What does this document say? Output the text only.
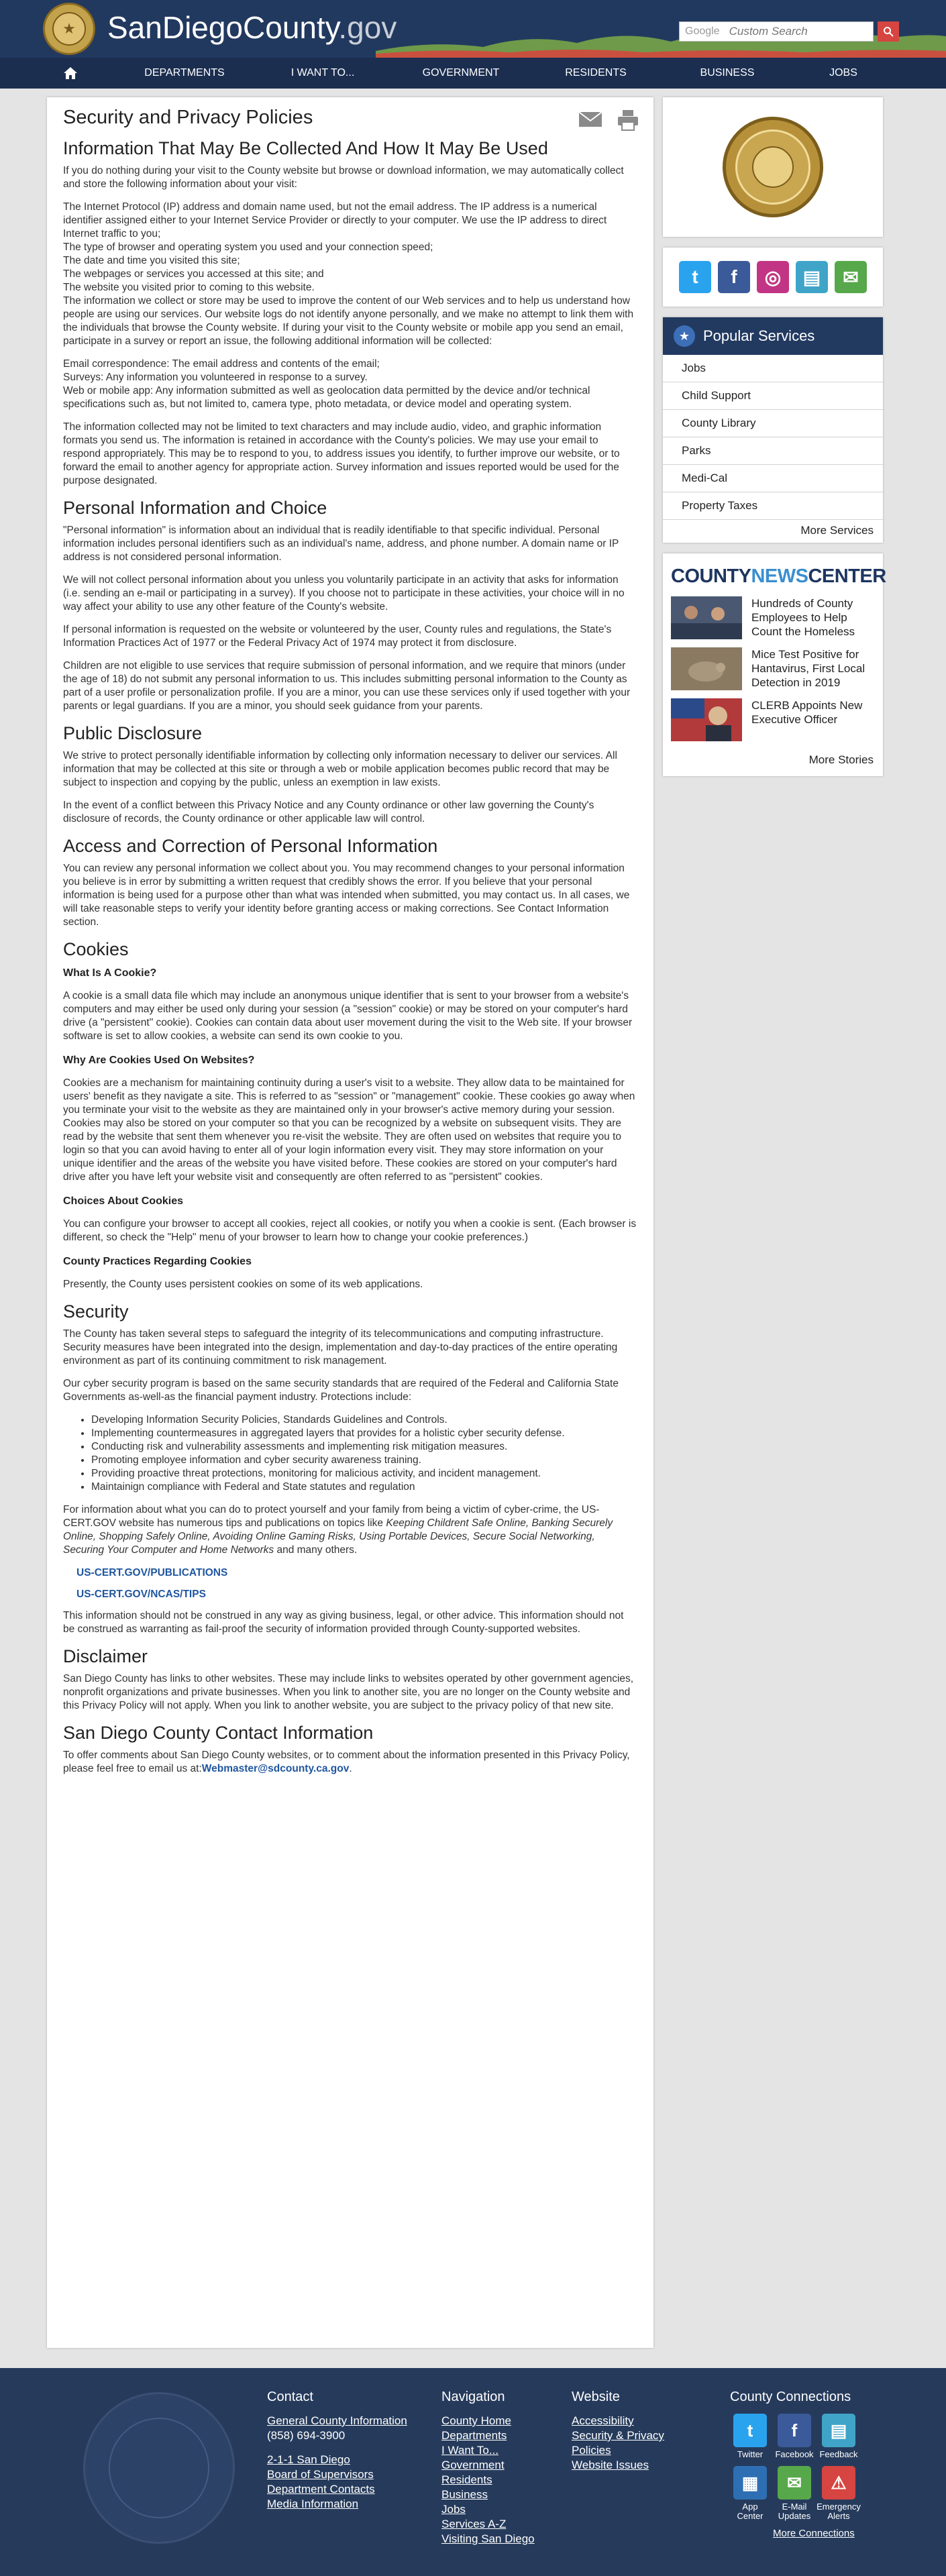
★	SanDiegoCounty.gov	Google
Custom Search
DEPARTMENTS	I WANT TO...	GOVERNMENT	RESIDENTS	BUSINESS	JOBS
Security and Privacy Policies
Information That May Be Collected And How It May Be Used

If you do nothing during your visit to the County website but browse or download information, we may automatically collect and store the following information about your visit:

The Internet Protocol (IP) address and domain name used, but not the email address. The IP address is a numerical identifier assigned either to your Internet Service Provider or directly to your computer. We use the IP address to direct Internet traffic to you;
The type of browser and operating system you used and your connection speed;
The date and time you visited this site;
The webpages or services you accessed at this site; and
The website you visited prior to coming to this website.
The information we collect or store may be used to improve the content of our Web services and to help us understand how people are using our services. Our website logs do not identify anyone personally, and we make no attempt to link them with the individuals that browse the County website. If during your visit to the County website or mobile app you send an email, participate in a survey or report an issue, the following additional information will be collected:

Email correspondence: The email address and contents of the email;
Surveys: Any information you volunteered in response to a survey.
Web or mobile app: Any information submitted as well as geolocation data permitted by the device and/or technical specifications such as, but not limited to, camera type, photo metadata, or device model and operating system.

The information collected may not be limited to text characters and may include audio, video, and graphic information formats you send us. The information is retained in accordance with the County's policies. We may use your email to respond appropriately. This may be to respond to you, to address issues you identify, to further improve our website, or to forward the email to another agency for appropriate action. Survey information and issues reported would be used for the purpose designated.

Personal Information and Choice

"Personal information" is information about an individual that is readily identifiable to that specific individual. Personal information includes personal identifiers such as an individual's name, address, and phone number. A domain name or IP address is not considered personal information.

We will not collect personal information about you unless you voluntarily participate in an activity that asks for information (i.e. sending an e-mail or participating in a survey). If you choose not to participate in these activities, your choice will in no way affect your ability to use any other feature of the County's website.

If personal information is requested on the website or volunteered by the user, County rules and regulations, the State's Information Practices Act of 1977 or the Federal Privacy Act of 1974 may protect it from disclosure.

Children are not eligible to use services that require submission of personal information, and we require that minors (under the age of 18) do not submit any personal information to us. This includes submitting personal information to the County as part of a user profile or personalization profile. If you are a minor, you can use these services only if used together with your parents or legal guardians. If you are a minor, you should seek guidance from your parents.

Public Disclosure

We strive to protect personally identifiable information by collecting only information necessary to deliver our services. All information that may be collected at this site or through a web or mobile application becomes public record that may be subject to inspection and copying by the public, unless an exemption in law exists.

In the event of a conflict between this Privacy Notice and any County ordinance or other law governing the County's disclosure of records, the County ordinance or other applicable law will control.

Access and Correction of Personal Information

You can review any personal information we collect about you. You may recommend changes to your personal information you believe is in error by submitting a written request that credibly shows the error. If you believe that your personal information is being used for a purpose other than what was intended when submitted, you may contact us. In all cases, we will take reasonable steps to verify your identity before granting access or making corrections. See Contact Information section.

Cookies
What Is A Cookie?

A cookie is a small data file which may include an anonymous unique identifier that is sent to your browser from a website's computers and may either be used only during your session (a "session" cookie) or may be stored on your computer's hard drive (a "persistent" cookie). Cookies can contain data about user movement during the visit to the Web site. If your browser software is set to allow cookies, a website can send its own cookie to you.

Why Are Cookies Used On Websites?

Cookies are a mechanism for maintaining continuity during a user's visit to a website. They allow data to be maintained for users' benefit as they navigate a site. This is referred to as "session" or "management" cookie. These cookies go away when you terminate your visit to the website as they are maintained only in your browser's active memory during your session. Cookies may also be stored on your computer so that you can be recognized by a website on subsequent visits. They are read by the website that sent them whenever you re-visit the website. They are often used on websites that require you to login so that you can avoid having to enter all of your login information every visit. They may store information on your unique identifier and the areas of the website you have visited before. These cookies are stored on your computer's hard drive after you have left your website visit and consequently are often referred to as "persistent" cookies.

Choices About Cookies

You can configure your browser to accept all cookies, reject all cookies, or notify you when a cookie is sent. (Each browser is different, so check the "Help" menu of your browser to learn how to change your cookie preferences.)

County Practices Regarding Cookies

Presently, the County uses persistent cookies on some of its web applications.

Security

The County has taken several steps to safeguard the integrity of its telecommunications and computing infrastructure. Security measures have been integrated into the design, implementation and day-to-day practices of the entire operating environment as part of its continuing commitment to risk management.

Our cyber security program is based on the same security standards that are required of the Federal and California State Governments as-well-as the financial payment industry. Protections include:

• Developing Information Security Policies, Standards Guidelines and Controls.
• Implementing countermeasures in aggregated layers that provides for a holistic cyber security defense.
• Conducting risk and vulnerability assessments and implementing risk mitigation measures.
• Promoting employee information and cyber security awareness training.
• Providing proactive threat protections, monitoring for malicious activity, and incident management.
• Maintainign compliance with Federal and State statutes and regulation

For information about what you can do to protect yourself and your family from being a victim of cyber-crime, the US-CERT.GOV website has numerous tips and publications on topics like Keeping Childrent Safe Online, Banking Securely Online, Shopping Safely Online, Avoiding Online Gaming Risks, Using Portable Devices, Secure Social Networking, Securing Your Computer and Home Networks and many others.

US-CERT.GOV/PUBLICATIONS
US-CERT.GOV/NCAS/TIPS

This information should not be construed in any way as giving business, legal, or other advice. This information should not be construed as warranting as fail-proof the security of information provided through County-supported websites.

Disclaimer

San Diego County has links to other websites. These may include links to websites operated by other government agencies, nonprofit organizations and private businesses. When you link to another site, you are no longer on the County website and this Privacy Policy will not apply. When you link to another website, you are subject to the privacy policy of that new site.

San Diego County Contact Information

To offer comments about San Diego County websites, or to comment about the information presented in this Privacy Policy, please feel free to email us at:Webmaster@sdcounty.ca.gov.

t	f	◎	▤	✉
★ Popular Services
Jobs
Child Support
County Library
Parks
Medi-Cal
Property Taxes
More Services
COUNTYNEWSCENTER
Hundreds of County Employees to Help Count the Homeless
Mice Test Positive for Hantavirus, First Local Detection in 2019
CLERB Appoints New Executive Officer
More Stories
Contact
General County Information
(858) 694-3900
2-1-1 San Diego
Board of Supervisors
Department Contacts
Media Information
Navigation
County Home
Departments
I Want To...
Government
Residents
Business
Jobs
Services A-Z
Visiting San Diego
Website
Accessibility
Security & Privacy Policies
Website Issues
County Connections
t
Twitter
f
Facebook
▤
Feedback
▦
App Center
✉
E-Mail Updates
⚠
Emergency Alerts
More Connections
